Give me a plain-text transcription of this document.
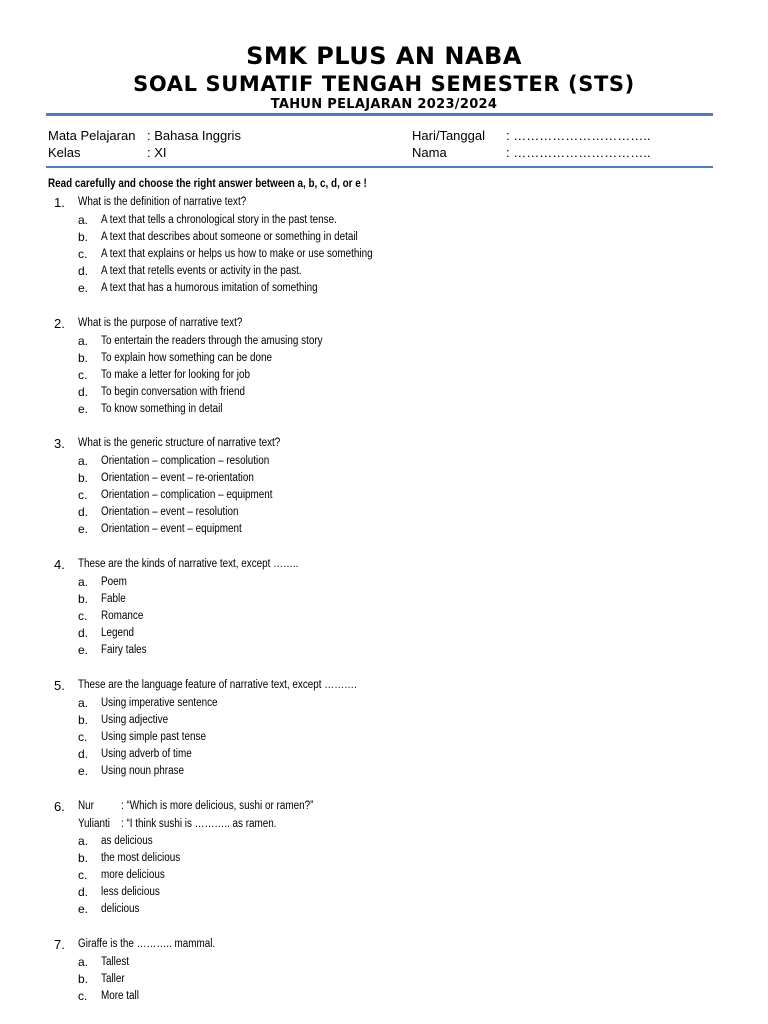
SMK PLUS AN NABA
SOAL SUMATIF TENGAH SEMESTER (STS)
TAHUN PELAJARAN 2023/2024
Mata Pelajaran : Bahasa Inggris
Kelas	: XI
Hari/Tanggal : …………………………..
Nama	: …………………………..
Read carefully and choose the right answer between a, b, c, d, or e !
1. What is the definition of narrative text?
a. A text that tells a chronological story in the past tense.
b. A text that describes about someone or something in detail
c. A text that explains or helps us how to make or use something
d. A text that retells events or activity in the past.
e. A text that has a humorous imitation of something
2. What is the purpose of narrative text?
a. To entertain the readers through the amusing story
b. To explain how something can be done
c. To make a letter for looking for job
d. To begin conversation with friend
e. To know something in detail
3. What is the generic structure of narrative text?
a. Orientation – complication – resolution
b. Orientation – event – re-orientation
c. Orientation – complication – equipment
d. Orientation – event – resolution
e. Orientation – event – equipment
4. These are the kinds of narrative text, except ……..
a. Poem
b. Fable
c. Romance
d. Legend
e. Fairy tales
5. These are the language feature of narrative text, except ……….
a. Using imperative sentence
b. Using adjective
c. Using simple past tense
d. Using adverb of time
e. Using noun phrase
6. Nur : “Which is more delicious, sushi or ramen?”
Yulianti : “I think sushi is ……….. as ramen.
a. as delicious
b. the most delicious
c. more delicious
d. less delicious
e. delicious
7. Giraffe is the ……….. mammal.
a. Tallest
b. Taller
c. More tall
